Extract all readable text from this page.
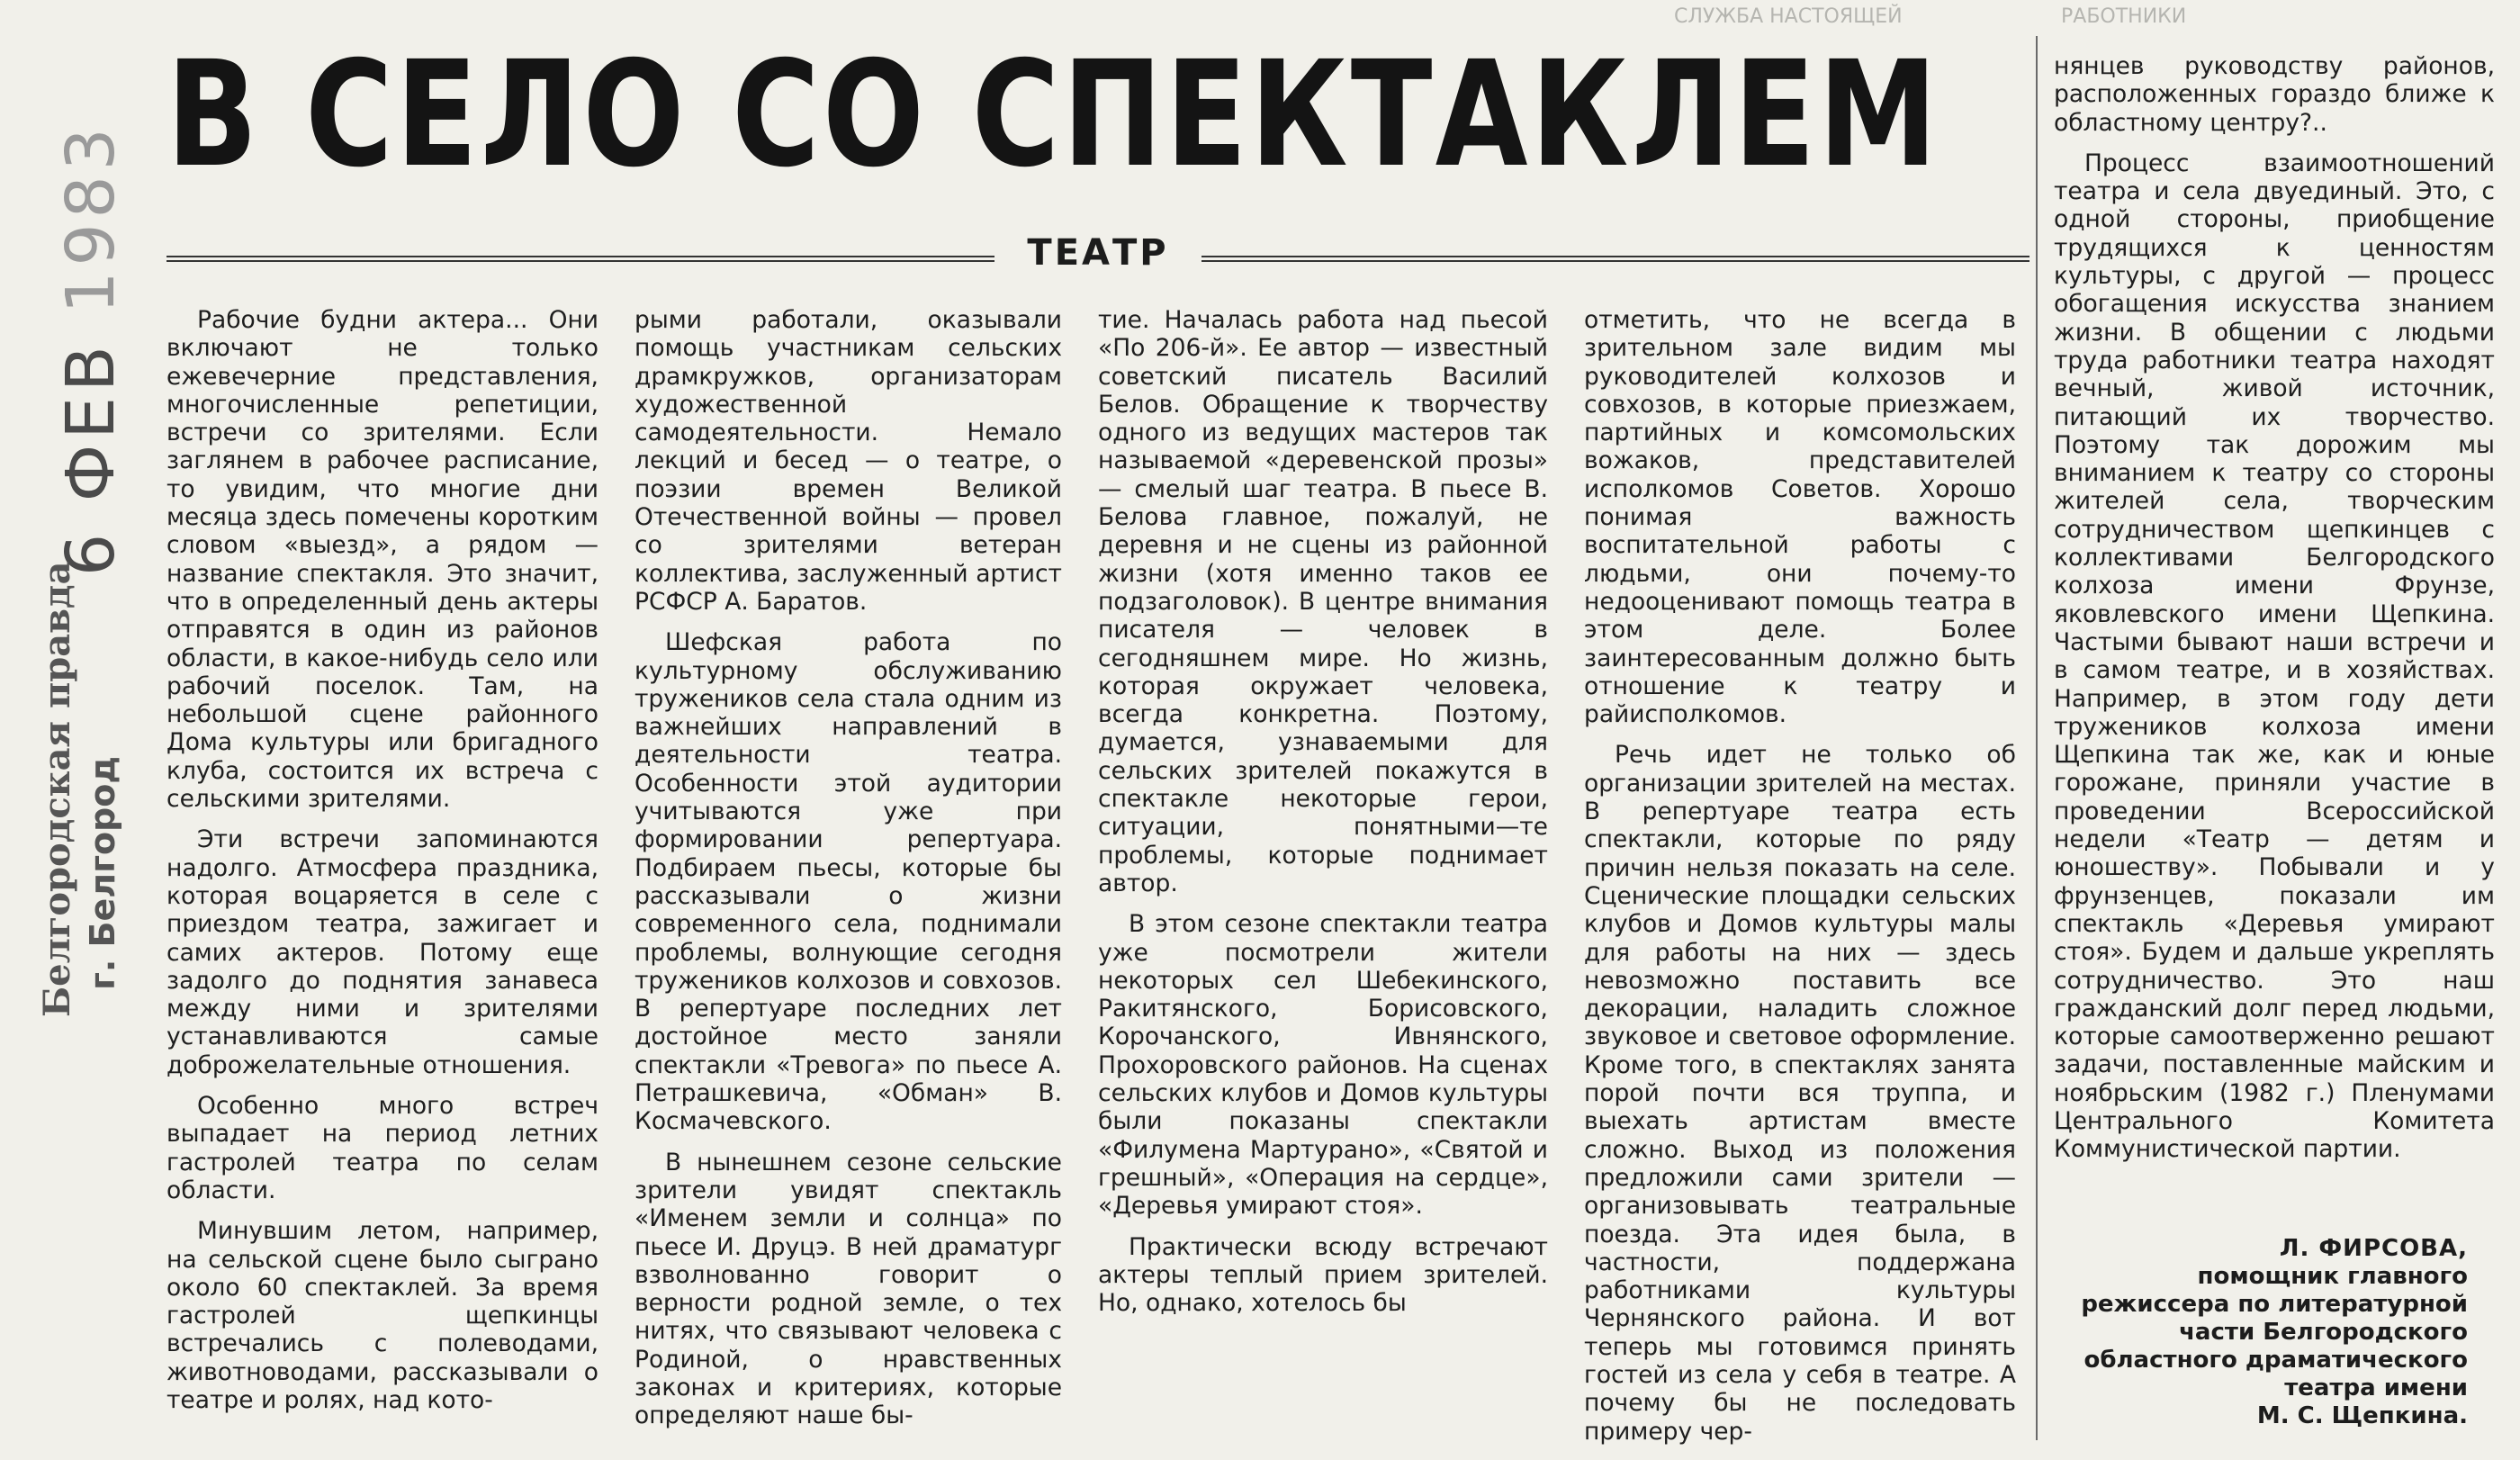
СЛУЖБА НАСТОЯЩЕЙ	РАБОТНИКИ
6 ФЕВ 1983
Белгородская правда г. Белгород
В СЕЛО СО СПЕКТАКЛЕМ
ТЕАТР

Рабочие будни актера... Они включают не только ежевечерние представления, многочисленные репетиции, встречи со зрителями. Если заглянем в рабочее расписание, то увидим, что многие дни месяца здесь помечены коротким словом «выезд», а рядом — название спектакля. Это значит, что в определенный день актеры отправятся в один из районов области, в какое-нибудь село или рабочий поселок. Там, на небольшой сцене районного Дома культуры или бригадного клуба, состоится их встреча с сельскими зрителями.

Эти встречи запоминаются надолго. Атмосфера праздника, которая воцаряется в селе с приездом театра, зажигает и самих актеров. Потому еще задолго до поднятия занавеса между ними и зрителями устанавливаются самые доброжелательные отношения.

Особенно много встреч выпадает на период летних гастролей театра по селам области.

Минувшим летом, например, на сельской сцене было сыграно около 60 спектаклей. За время гастролей щепкинцы встречались с полеводами, животноводами, рассказывали о театре и ролях, над кото-

рыми работали, оказывали помощь участникам сельских драмкружков, организаторам художественной самодеятельности. Немало лекций и бесед — о театре, о поэзии времен Великой Отечественной войны — провел со зрителями ветеран коллектива, заслуженный артист РСФСР А. Баратов.

Шефская работа по культурному обслуживанию тружеников села стала одним из важнейших направлений в деятельности театра. Особенности этой аудитории учитываются уже при формировании репертуара. Подбираем пьесы, которые бы рассказывали о жизни современного села, поднимали проблемы, волнующие сегодня тружеников колхозов и совхозов. В репертуаре последних лет достойное место заняли спектакли «Тревога» по пьесе А. Петрашкевича, «Обман» В. Космачевского.

В нынешнем сезоне сельские зрители увидят спектакль «Именем земли и солнца» по пьесе И. Друцэ. В ней драматург взволнованно говорит о верности родной земле, о тех нитях, что связывают человека с Родиной, о нравственных законах и критериях, которые определяют наше бы-

тие. Началась работа над пьесой «По 206-й». Ее автор — известный советский писатель Василий Белов. Обращение к творчеству одного из ведущих мастеров так называемой «деревенской прозы» — смелый шаг театра. В пьесе В. Белова главное, пожалуй, не деревня и не сцены из районной жизни (хотя именно таков ее подзаголовок). В центре внимания писателя — человек в сегодняшнем мире. Но жизнь, которая окружает человека, всегда конкретна. Поэтому, думается, узнаваемыми для сельских зрителей покажутся в спектакле некоторые герои, ситуации, понятными—те проблемы, которые поднимает автор.

В этом сезоне спектакли театра уже посмотрели жители некоторых сел Шебекинского, Ракитянского, Борисовского, Корочанского, Ивнянского, Прохоровского районов. На сценах сельских клубов и Домов культуры были показаны спектакли «Филумена Мартурано», «Святой и грешный», «Операция на сердце», «Деревья умирают стоя».

Практически всюду встречают актеры теплый прием зрителей. Но, однако, хотелось бы

отметить, что не всегда в зрительном зале видим мы руководителей колхозов и совхозов, в которые приезжаем, партийных и комсомольских вожаков, представителей исполкомов Советов. Хорошо понимая важность воспитательной работы с людьми, они почему-то недооценивают помощь театра в этом деле. Более заинтересованным должно быть отношение к театру и райисполкомов.

Речь идет не только об организации зрителей на местах. В репертуаре театра есть спектакли, которые по ряду причин нельзя показать на селе. Сценические площадки сельских клубов и Домов культуры малы для работы на них — здесь невозможно поставить все декорации, наладить сложное звуковое и световое оформление. Кроме того, в спектаклях занята порой почти вся труппа, и выехать артистам вместе сложно. Выход из положения предложили сами зрители — организовывать театральные поезда. Эта идея была, в частности, поддержана работниками культуры Чернянского района. И вот теперь мы готовимся принять гостей из села у себя в театре. А почему бы не последовать примеру чер-

нянцев руководству районов, расположенных гораздо ближе к областному центру?..

Процесс взаимоотношений театра и села двуединый. Это, с одной стороны, приобщение трудящихся к ценностям культуры, с другой — процесс обогащения искусства знанием жизни. В общении с людьми труда работники театра находят вечный, живой источник, питающий их творчество. Поэтому так дорожим мы вниманием к театру со стороны жителей села, творческим сотрудничеством щепкинцев с коллективами Белгородского колхоза имени Фрунзе, яковлевского имени Щепкина. Частыми бывают наши встречи и в самом театре, и в хозяйствах. Например, в этом году дети тружеников колхоза имени Щепкина так же, как и юные горожане, приняли участие в проведении Всероссийской недели «Театр — детям и юношеству». Побывали и у фрунзенцев, показали им спектакль «Деревья умирают стоя». Будем и дальше укреплять сотрудничество. Это наш гражданский долг перед людьми, которые самоотверженно решают задачи, поставленные майским и ноябрьским (1982 г.) Пленумами Центрального Комитета Коммунистической партии.

Л. ФИРСОВА,
помощник главного
режиссера по литературной
части Белгородского
областного драматического
театра имени
М. С. Щепкина.
